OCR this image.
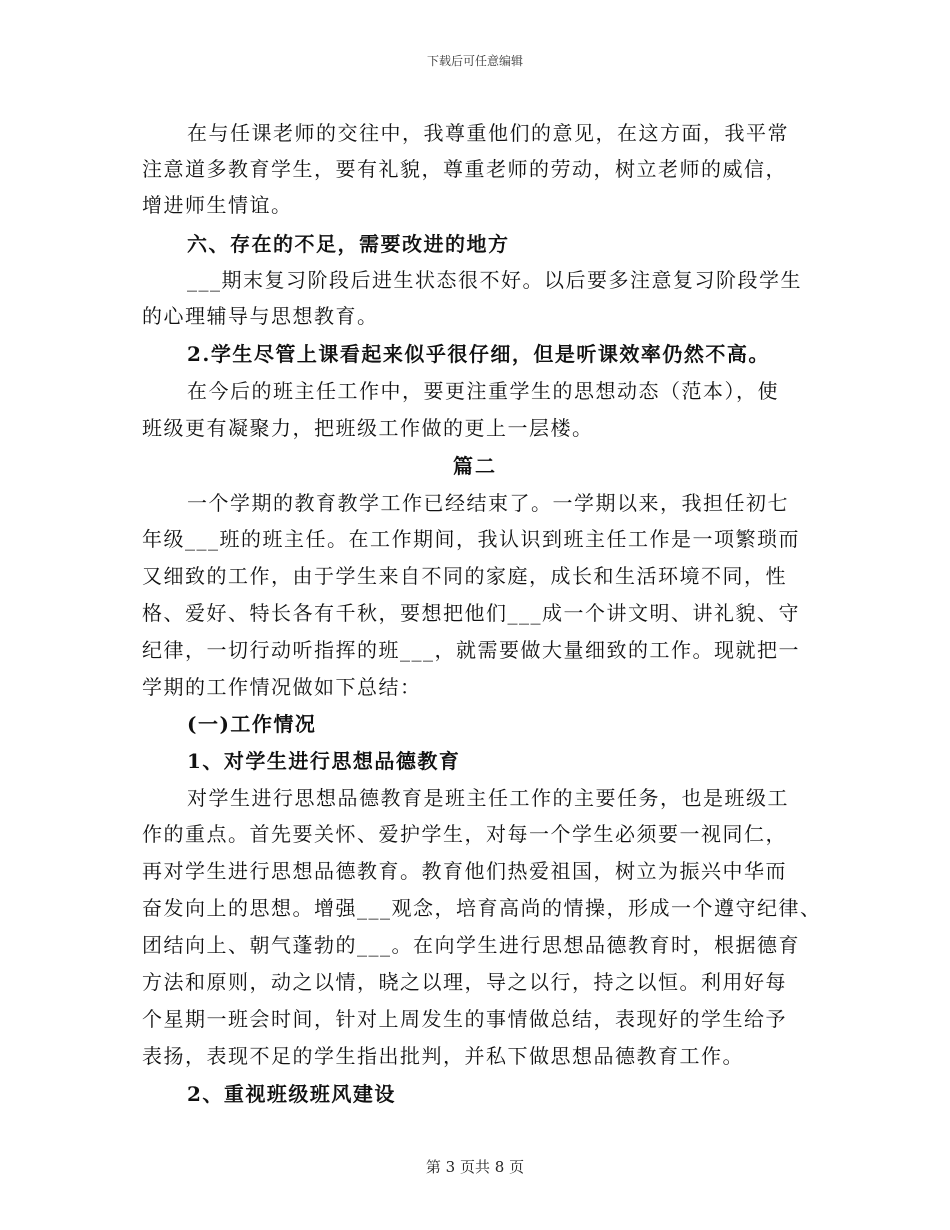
下载后可任意编辑
在与任课老师的交往中，我尊重他们的意见，在这方面，我平常
注意道多教育学生，要有礼貌，尊重老师的劳动，树立老师的威信，
增进师生情谊。
六、存在的不足，需要改进的地方
___期末复习阶段后进生状态很不好。以后要多注意复习阶段学生
的心理辅导与思想教育。
2.学生尽管上课看起来似乎很仔细，但是听课效率仍然不高。
在今后的班主任工作中，要更注重学生的思想动态（范本），使
班级更有凝聚力，把班级工作做的更上一层楼。
篇二
一个学期的教育教学工作已经结束了。一学期以来，我担任初七
年级___班的班主任。在工作期间，我认识到班主任工作是一项繁琐而
又细致的工作，由于学生来自不同的家庭，成长和生活环境不同，性
格、爱好、特长各有千秋，要想把他们___成一个讲文明、讲礼貌、守
纪律，一切行动听指挥的班___，就需要做大量细致的工作。现就把一
学期的工作情况做如下总结：
(一)工作情况
1、对学生进行思想品德教育
对学生进行思想品德教育是班主任工作的主要任务，也是班级工
作的重点。首先要关怀、爱护学生，对每一个学生必须要一视同仁，
再对学生进行思想品德教育。教育他们热爱祖国，树立为振兴中华而
奋发向上的思想。增强___观念，培育高尚的情操，形成一个遵守纪律、
团结向上、朝气蓬勃的___。在向学生进行思想品德教育时，根据德育
方法和原则，动之以情，晓之以理，导之以行，持之以恒。利用好每
个星期一班会时间，针对上周发生的事情做总结，表现好的学生给予
表扬，表现不足的学生指出批判，并私下做思想品德教育工作。
2、重视班级班风建设
第 3 页共 8 页
